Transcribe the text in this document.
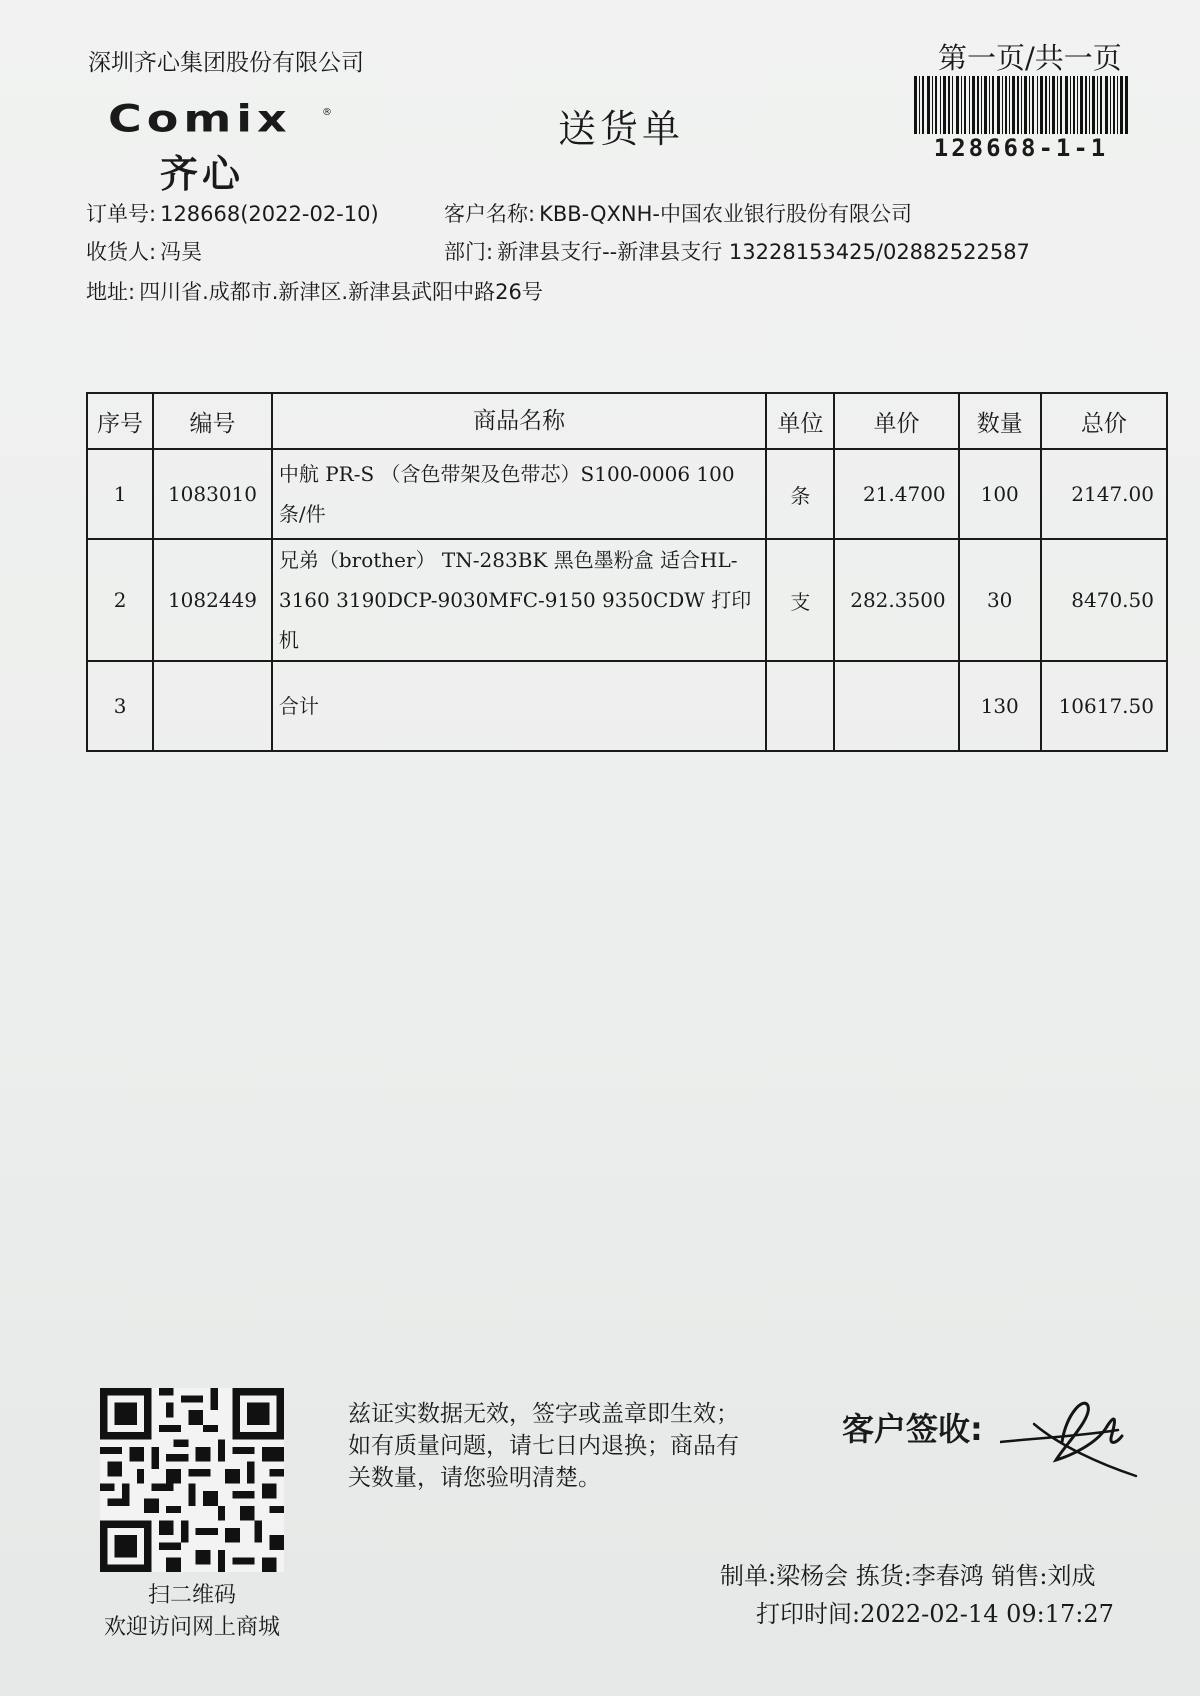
深圳齐心集团股份有限公司	第一页/共一页
128668-1-1
Comix	®
齐心
送货单
订单号: 128668(2022-02-10)	客户名称: KBB-QXNH-中国农业银行股份有限公司
收货人: 冯昊	部门: 新津县支行--新津县支行 13228153425/02882522587
地址: 四川省.成都市.新津区.新津县武阳中路26号
序号	编号	商品名称	单位	单价	数量	总价
1	1083010	中航 PR-S （含色带架及色带芯）S100-0006 100条/件	条	21.4700	100	2147.00
2	1082449	兄弟（brother） TN-283BK 黑色墨粉盒 适合HL-3160 3190DCP-9030MFC-9150 9350CDW 打印机	支	282.3500	30	8470.50
3		合计			130	10617.50
扫二维码
欢迎访问网上商城
兹证实数据无效，签字或盖章即生效；如有质量问题，请七日内退换；商品有关数量，请您验明清楚。
客户签收:
制单:梁杨会 拣货:李春鸿 销售:刘成
打印时间:2022-02-14 09:17:27
